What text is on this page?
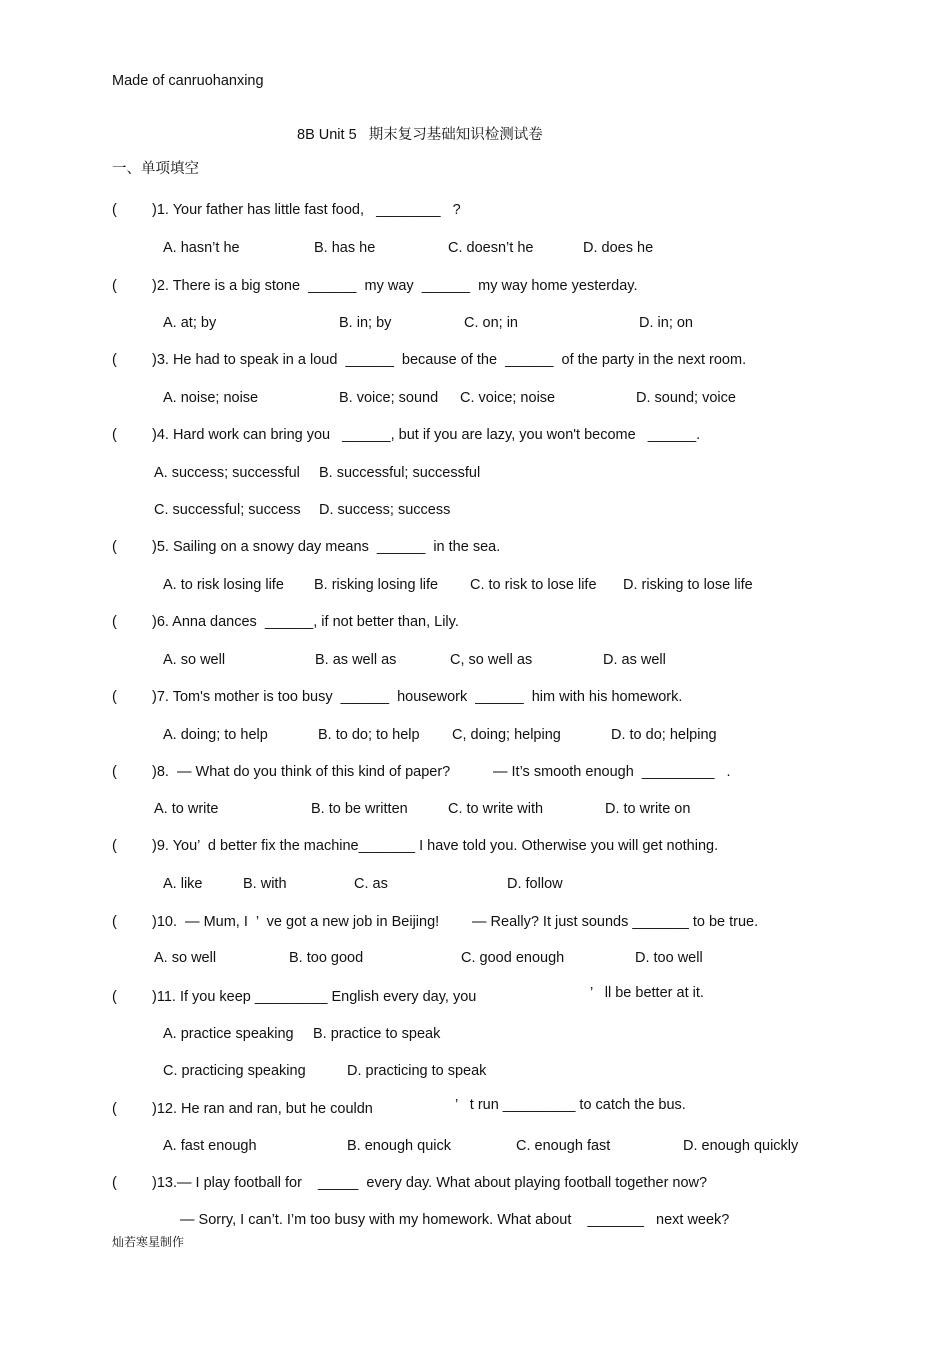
Made of canruohanxing
8B Unit 5   期末复习基础知识检测试卷
一、单项填空
( )1. Your father has little fast food,   ________   ?
A. hasn’t he	B. has he	C. doesn’t he	D. does he
( )2. There is a big stone  ______  my way  ______  my way home yesterday.
A. at; by	B. in; by	C. on; in	D. in; on
( )3. He had to speak in a loud  ______  because of the  ______  of the party in the next room.
A. noise; noise	B. voice; sound C. voice; noise	D. sound; voice
( )4. Hard work can bring you   ______, but if you are lazy, you won't become   ______.
A. success; successful B. successful; successful
C. successful; success D. success; success
( )5. Sailing on a snowy day means  ______  in the sea.
A. to risk losing life B. risking losing life C. to risk to lose life D. risking to lose life
( )6. Anna dances  ______, if not better than, Lily.
A. so well	B. as well as	C, so well as	D. as well
( )7. Tom's mother is too busy  ______  housework  ______  him with his homework.
A. doing; to help	B. to do; to help C, doing; helping	D. to do; helping
( )8.  — What do you think of this kind of paper?	— It’s smooth enough  _________   .
A. to write	B. to be written	C. to write with	D. to write on
( )9. You’  d better fix the machine_______ I have told you. Otherwise you will get nothing.
A. like	B. with	C. as	D. follow
( )10.  — Mum, I  ’  ve got a new job in Beijing! — Really? It just sounds _______ to be true.
A. so well	B. too good	C. good enough	D. too well
( )11. If you keep _________ English every day, you	’   ll be better at it.
A. practice speaking B. practice to speak
C. practicing speaking	D. practicing to speak
( )12. He ran and ran, but he couldn	’   t run _________ to catch the bus.
A. fast enough	B. enough quick	C. enough fast	D. enough quickly
( )13.— I play football for    _____  every day. What about playing football together now?
— Sorry, I can’t. I’m too busy with my homework. What about    _______   next week?
灿若寒星制作
